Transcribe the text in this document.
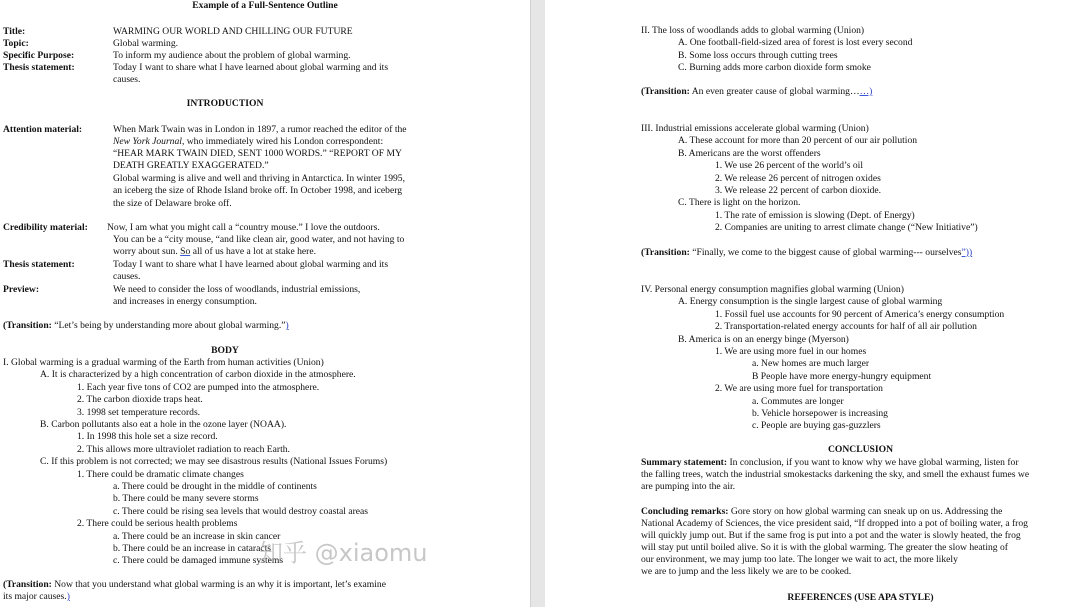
Example of a Full-Sentence Outline
Title:	WARMING OUR WORLD AND CHILLING OUR FUTURE
Topic:	Global warming.
Specific Purpose:	To inform my audience about the problem of global warming.
Thesis statement:	Today I want to share what I have learned about global warming and its
causes.
INTRODUCTION
Attention material:	When Mark Twain was in London in 1897, a rumor reached the editor of the
New York Journal, who immediately wired his London correspondent:
“HEAR MARK TWAIN DIED, SENT 1000 WORDS.” “REPORT OF MY
DEATH GREATLY EXAGGERATED.”
Global warming is alive and well and thriving in Antarctica. In winter 1995,
an iceberg the size of Rhode Island broke off. In October 1998, and iceberg
the size of Delaware broke off.
Credibility material: Now, I am what you might call a “country mouse.” I love the outdoors.
You can be a “city mouse, “and like clean air, good water, and not having to
worry about sun. So all of us have a lot at stake here.
Thesis statement:	Today I want to share what I have learned about global warming and its
causes.
Preview:	We need to consider the loss of woodlands, industrial emissions,
and increases in energy consumption.
(Transition: “Let’s being by understanding more about global warming.”)
BODY
I. Global warming is a gradual warming of the Earth from human activities (Union)
A. It is characterized by a high concentration of carbon dioxide in the atmosphere.
1. Each year five tons of CO2 are pumped into the atmosphere.
2. The carbon dioxide traps heat.
3. 1998 set temperature records.
B. Carbon pollutants also eat a hole in the ozone layer (NOAA).
1. In 1998 this hole set a size record.
2. This allows more ultraviolet radiation to reach Earth.
C. If this problem is not corrected; we may see disastrous results (National Issues Forums)
1. There could be dramatic climate changes
a. There could be drought in the middle of continents
b. There could be many severe storms
c. There could be rising sea levels that would destroy coastal areas
2. There could be serious health problems
a. There could be an increase in skin cancer
b. There could be an increase in cataracts
c. There could be damaged immune systems
(Transition: Now that you understand what global warming is an why it is important, let’s examine
its major causes.)
II. The loss of woodlands adds to global warming (Union)
A. One football-field-sized area of forest is lost every second
B. Some loss occurs through cutting trees
C. Burning adds more carbon dioxide form smoke
(Transition: An even greater cause of global warming……)
III. Industrial emissions accelerate global warming (Union)
A. These account for more than 20 percent of our air pollution
B. Americans are the worst offenders
1. We use 26 percent of the world’s oil
2. We release 26 percent of nitrogen oxides
3. We release 22 percent of carbon dioxide.
C. There is light on the horizon.
1. The rate of emission is slowing (Dept. of Energy)
2. Companies are uniting to arrest climate change (“New Initiative”)
(Transition: “Finally, we come to the biggest cause of global warming--- ourselves”))
IV. Personal energy consumption magnifies global warming (Union)
A. Energy consumption is the single largest cause of global warming
1. Fossil fuel use accounts for 90 percent of America’s energy consumption
2. Transportation-related energy accounts for half of all air pollution
B. America is on an energy binge (Myerson)
1. We are using more fuel in our homes
a. New homes are much larger
B People have more energy-hungry equipment
2. We are using more fuel for transportation
a. Commutes are longer
b. Vehicle horsepower is increasing
c. People are buying gas-guzzlers
CONCLUSION
Summary statement: In conclusion, if you want to know why we have global warming, listen for
the falling trees, watch the industrial smokestacks darkening the sky, and smell the exhaust fumes we
are pumping into the air.
Concluding remarks: Gore story on how global warming can sneak up on us. Addressing the
National Academy of Sciences, the vice president said, “If dropped into a pot of boiling water, a frog
will quickly jump out. But if the same frog is put into a pot and the water is slowly heated, the frog
will stay put until boiled alive. So it is with the global warming. The greater the slow heating of
our environment, we may jump too late. The longer we wait to act, the more likely
we are to jump and the less likely we are to be cooked.
REFERENCES (USE APA STYLE)
知乎 @xiaomu
